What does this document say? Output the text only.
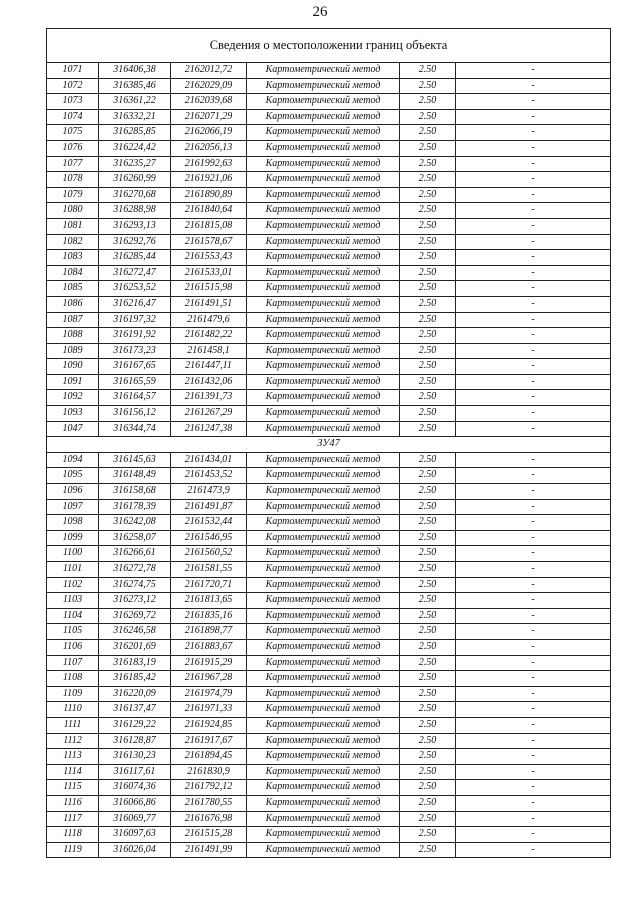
26
Сведения о местоположении границ объекта					
1071	316406,38	2162012,72	Картометрический метод	2.50	-
1072	316385,46	2162029,09	Картометрический метод	2.50	-
1073	316361,22	2162039,68	Картометрический метод	2.50	-
1074	316332,21	2162071,29	Картометрический метод	2.50	-
1075	316285,85	2162066,19	Картометрический метод	2.50	-
1076	316224,42	2162056,13	Картометрический метод	2.50	-
1077	316235,27	2161992,63	Картометрический метод	2.50	-
1078	316260,99	2161921,06	Картометрический метод	2.50	-
1079	316270,68	2161890,89	Картометрический метод	2.50	-
1080	316288,98	2161840,64	Картометрический метод	2.50	-
1081	316293,13	2161815,08	Картометрический метод	2.50	-
1082	316292,76	2161578,67	Картометрический метод	2.50	-
1083	316285,44	2161553,43	Картометрический метод	2.50	-
1084	316272,47	2161533,01	Картометрический метод	2.50	-
1085	316253,52	2161515,98	Картометрический метод	2.50	-
1086	316216,47	2161491,51	Картометрический метод	2.50	-
1087	316197,32	2161479,6	Картометрический метод	2.50	-
1088	316191,92	2161482,22	Картометрический метод	2.50	-
1089	316173,23	2161458,1	Картометрический метод	2.50	-
1090	316167,65	2161447,11	Картометрический метод	2.50	-
1091	316165,59	2161432,06	Картометрический метод	2.50	-
1092	316164,57	2161391,73	Картометрический метод	2.50	-
1093	316156,12	2161267,29	Картометрический метод	2.50	-
1047	316344,74	2161247,38	Картометрический метод	2.50	-
ЗУ47					
1094	316145,63	2161434,01	Картометрический метод	2.50	-
1095	316148,49	2161453,52	Картометрический метод	2.50	-
1096	316158,68	2161473,9	Картометрический метод	2.50	-
1097	316178,39	2161491,87	Картометрический метод	2.50	-
1098	316242,08	2161532,44	Картометрический метод	2.50	-
1099	316258,07	2161546,95	Картометрический метод	2.50	-
1100	316266,61	2161560,52	Картометрический метод	2.50	-
1101	316272,78	2161581,55	Картометрический метод	2.50	-
1102	316274,75	2161720,71	Картометрический метод	2.50	-
1103	316273,12	2161813,65	Картометрический метод	2.50	-
1104	316269,72	2161835,16	Картометрический метод	2.50	-
1105	316246,58	2161898,77	Картометрический метод	2.50	-
1106	316201,69	2161883,67	Картометрический метод	2.50	-
1107	316183,19	2161915,29	Картометрический метод	2.50	-
1108	316185,42	2161967,28	Картометрический метод	2.50	-
1109	316220,09	2161974,79	Картометрический метод	2.50	-
1110	316137,47	2161971,33	Картометрический метод	2.50	-
1111	316129,22	2161924,85	Картометрический метод	2.50	-
1112	316128,87	2161917,67	Картометрический метод	2.50	-
1113	316130,23	2161894,45	Картометрический метод	2.50	-
1114	316117,61	2161830,9	Картометрический метод	2.50	-
1115	316074,36	2161792,12	Картометрический метод	2.50	-
1116	316066,86	2161780,55	Картометрический метод	2.50	-
1117	316069,77	2161676,98	Картометрический метод	2.50	-
1118	316097,63	2161515,28	Картометрический метод	2.50	-
1119	316026,04	2161491,99	Картометрический метод	2.50	-
